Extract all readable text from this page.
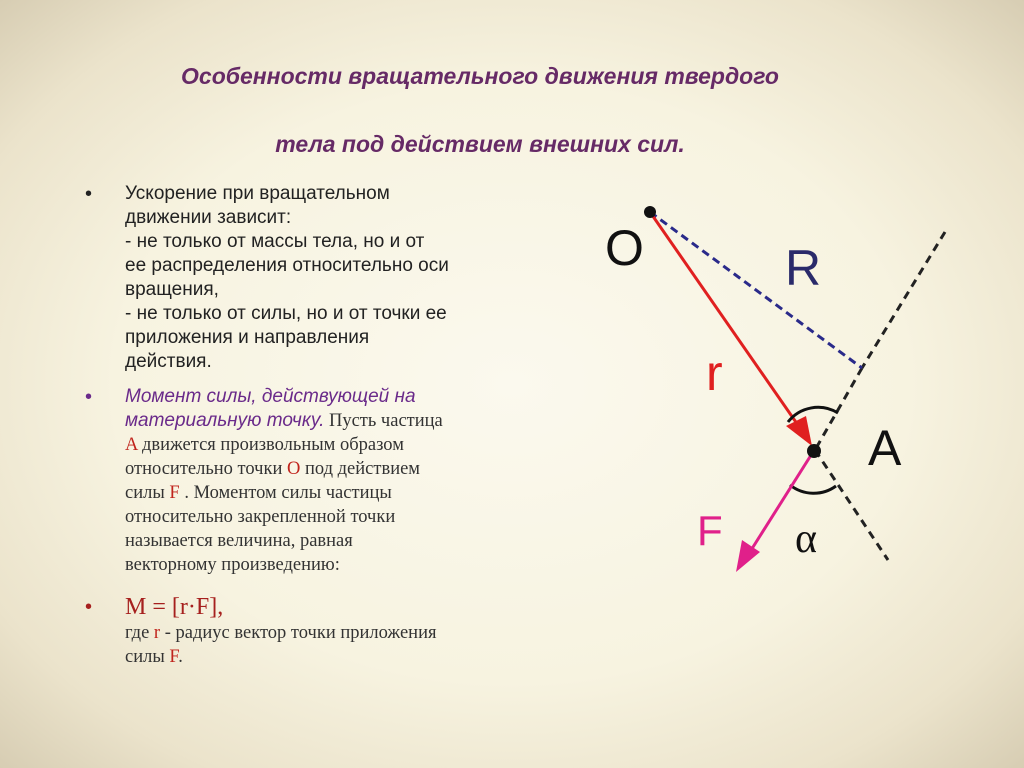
Особенности вращательного движения твердого
тела под действием внешних сил.
• Ускорение при вращательном
движении зависит:
- не только от массы тела, но и от
ее распределения относительно оси
вращения,
- не только от силы, но и от точки ее
приложения и направления
действия.
• Момент силы, действующей на
материальную точку. Пусть частица
A движется произвольным образом
относительно точки O под действием
силы F . Моментом силы частицы
относительно закрепленной точки
называется величина, равная
векторному произведению:
• M = [r·F],
где r - радиус вектор точки приложения
силы F.
O	R
r
A
F α
